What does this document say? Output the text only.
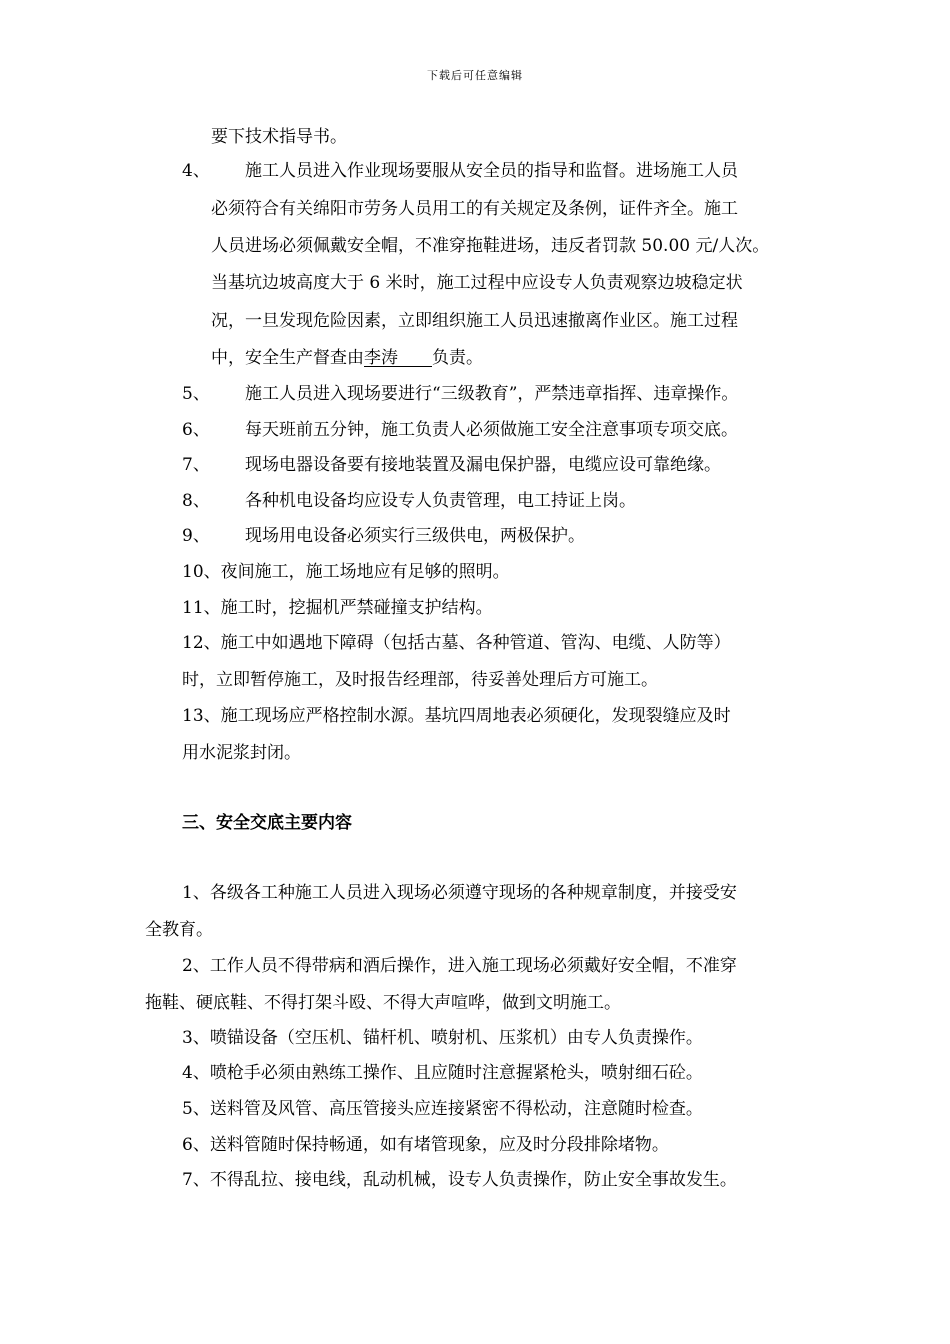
下载后可任意编辑
要下技术指导书。
4、 施工人员进入作业现场要服从安全员的指导和监督。进场施工人员
必须符合有关绵阳市劳务人员用工的有关规定及条例，证件齐全。施工
人员进场必须佩戴安全帽，不准穿拖鞋进场，违反者罚款 50.00 元/人次。
当基坑边坡高度大于 6 米时，施工过程中应设专人负责观察边坡稳定状
况，一旦发现危险因素，立即组织施工人员迅速撤离作业区。施工过程
中，安全生产督查由李涛　　负责。
5、 施工人员进入现场要进行“三级教育”，严禁违章指挥、违章操作。
6、 每天班前五分钟，施工负责人必须做施工安全注意事项专项交底。
7、 现场电器设备要有接地装置及漏电保护器，电缆应设可靠绝缘。
8、 各种机电设备均应设专人负责管理，电工持证上岗。
9、 现场用电设备必须实行三级供电，两极保护。
10、夜间施工，施工场地应有足够的照明。
11、施工时，挖掘机严禁碰撞支护结构。
12、施工中如遇地下障碍（包括古墓、各种管道、管沟、电缆、人防等）
时，立即暂停施工，及时报告经理部，待妥善处理后方可施工。
13、施工现场应严格控制水源。基坑四周地表必须硬化，发现裂缝应及时
用水泥浆封闭。
三、安全交底主要内容
1、各级各工种施工人员进入现场必须遵守现场的各种规章制度，并接受安
全教育。
2、工作人员不得带病和酒后操作，进入施工现场必须戴好安全帽，不准穿
拖鞋、硬底鞋、不得打架斗殴、不得大声喧哗，做到文明施工。
3、喷锚设备（空压机、锚杆机、喷射机、压浆机）由专人负责操作。
4、喷枪手必须由熟练工操作、且应随时注意握紧枪头，喷射细石砼。
5、送料管及风管、高压管接头应连接紧密不得松动，注意随时检查。
6、送料管随时保持畅通，如有堵管现象，应及时分段排除堵物。
7、不得乱拉、接电线，乱动机械，设专人负责操作，防止安全事故发生。
